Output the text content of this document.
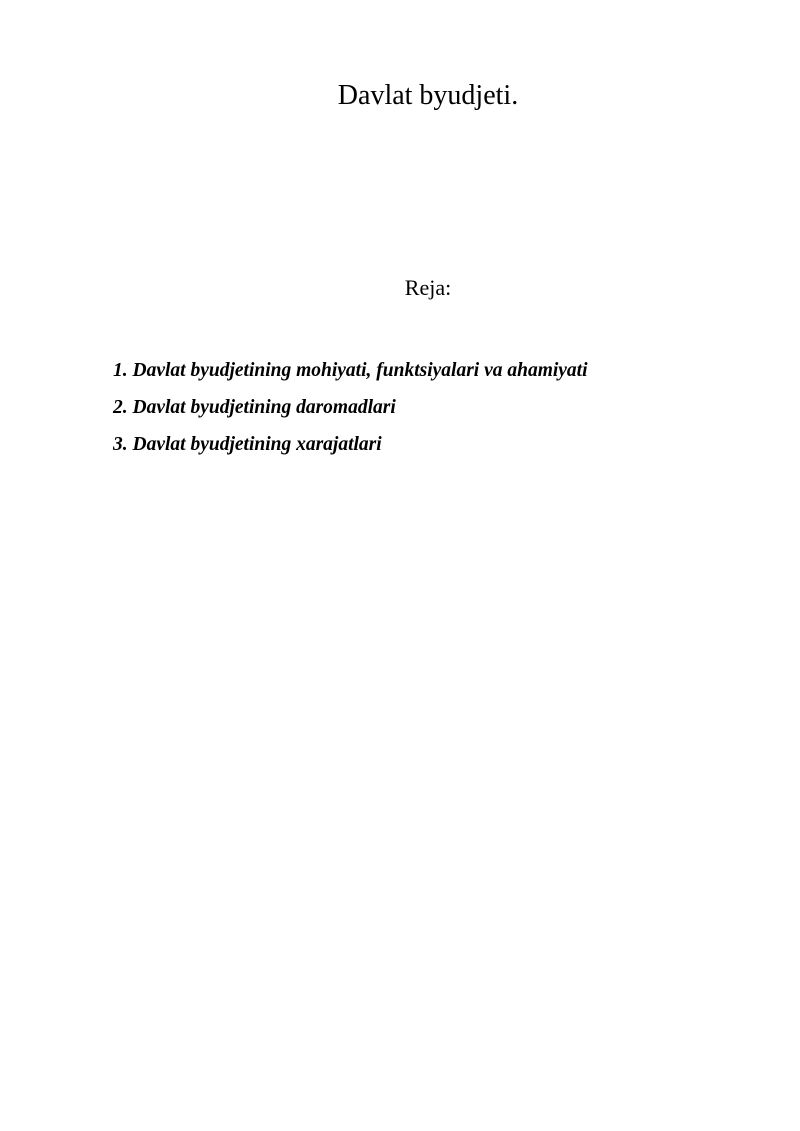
Davlat byudjeti.

Reja:

1. Davlat byudjetining mohiyati, funktsiyalari va ahamiyati
2. Davlat byudjetining daromadlari
3. Davlat byudjetining xarajatlari
